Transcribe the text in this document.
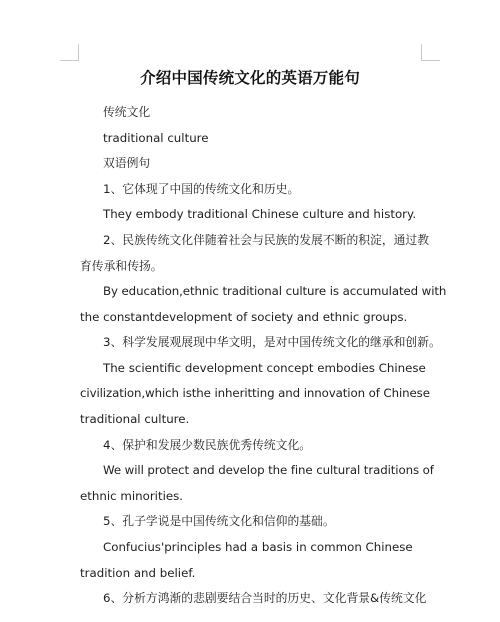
介绍中国传统文化的英语万能句
传统文化
traditional culture
双语例句
1、它体现了中国的传统文化和历史。
They embody traditional Chinese culture and history.
2、民族传统文化伴随着社会与民族的发展不断的积淀，通过教
育传承和传扬。
By education,ethnic traditional culture is accumulated with
the constantdevelopment of society and ethnic groups.
3、科学发展观展现中华文明，是对中国传统文化的继承和创新。
The scientific development concept embodies Chinese
civilization,which isthe inheritting and innovation of Chinese
traditional culture.
4、保护和发展少数民族优秀传统文化。
We will protect and develop the fine cultural traditions of
ethnic minorities.
5、孔子学说是中国传统文化和信仰的基础。
Confucius'principles had a basis in common Chinese
tradition and belief.
6、分析方鸿渐的悲剧要结合当时的历史、文化背景&传统文化
